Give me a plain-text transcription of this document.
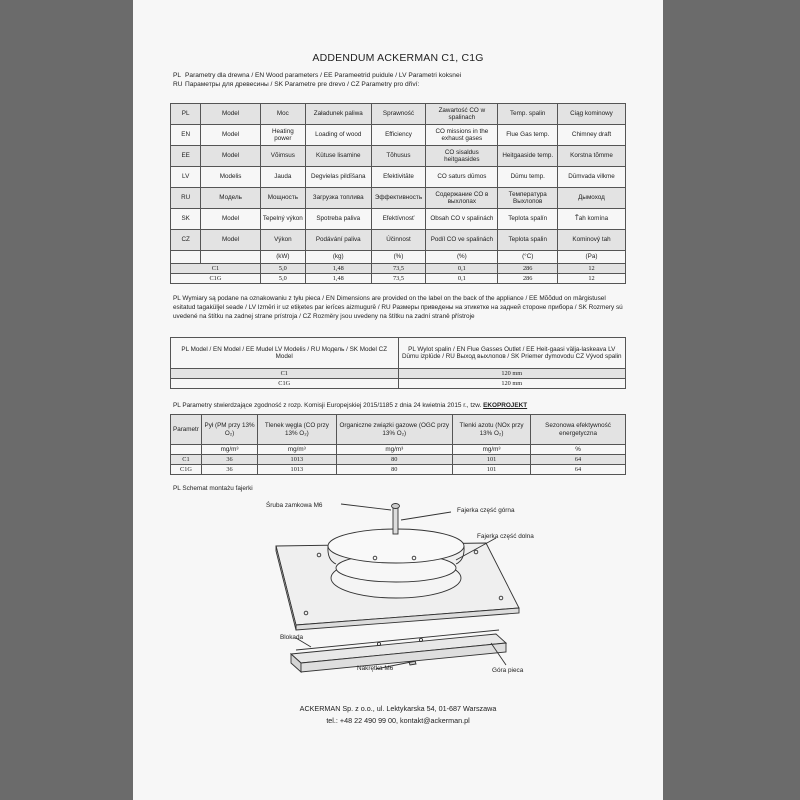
ADDENDUM ACKERMAN C1, C1G
PL Parametry dla drewna / EN Wood parameters / EE Parameetrid puidule / LV Parametri koksnei
RU Параметры для древесины / SK Parametre pre drevo / CZ Parametry pro dřiví:
PL	Model	Moc	Załadunek paliwa	Sprawność	Zawartość CO w spalinach	Temp. spalin	Ciąg kominowy
EN	Model	Heating power	Loading of wood	Efficiency	CO missions in the exhaust gases	Flue Gas temp.	Chimney draft
EE	Model	Võimsus	Kütuse lisamine	Tõhusus	CO sisaldus heitgaasides	Heitgaaside temp.	Korstna tõmme
LV	Modelis	Jauda	Degvielas pildīšana	Efektivitāte	CO saturs dūmos	Dūmu temp.	Dūmvada vilkme
RU	Модель	Мощность	Загрузка топлива	Эффективность	Содержание CO в выхлопах	Температура Выхлопов	Дымоход
SK	Model	Tepelný výkon	Spotreba paliva	Efektívnosť	Obsah CO v spalinách	Teplota spalín	Ťah komína
CZ	Model	Výkon	Podávání paliva	Účinnost	Podíl CO ve spalinách	Teplota spalin	Kominový tah
		(kW)	(kg)	(%)	(%)	(°C)	(Pa)
C1		5,0	1,48	73,5	0,1	286	12
C1G		5,0	1,48	73,5	0,1	286	12
PL Wymiary są podane na oznakowaniu z tyłu pieca / EN Dimensions are provided on the label on the back of the appliance / EE Mõõdud on märgistusel esitatud tagaküljel seade / LV Izmēri ir uz etiķetes par ierīces aizmugurē / RU Размеры приведены на этикетке на задней стороне прибора / SK Rozmery sú uvedené na štítku na zadnej strane prístroja / CZ Rozměry jsou uvedeny na štítku na zadní straně přístroje
PL Model / EN Model / EE Mudel LV Modelis / RU Модель / SK Model CZ Model	PL Wylot spalin / EN Flue Gasses Outlet / EE Heit-gaasi välja-laskeava LV Dūmu izplūde / RU Выход выхлопов / SK Priemer dymovodu CZ Vývod spalin
C1	120 mm
C1G	120 mm
PL Parametry stwierdzające zgodność z rozp. Komisji Europejskiej 2015/1185 z dnia 24 kwietnia 2015 r., tzw. EKOPROJEKT
Parametr	Pył (PM przy 13% O₂)	Tlenek węgla (CO przy 13% O₂)	Organiczne związki gazowe (OGC przy 13% O₂)	Tlenki azotu (NOx przy 13% O₂)	Sezonowa efektywność energetyczna
	mg/m³	mg/m³	mg/m³	mg/m³	%
C1	36	1013	80	101	64
C1G	36	1013	80	101	64
PL Schemat montażu fajerki
Śruba zamkowa M6
Fajerka część górna
Fajerka część dolna
Blokada
Nakrętka M6	Góra pieca
ACKERMAN Sp. z o.o., ul. Lektykarska 54, 01-687 Warszawa
tel.: +48 22 490 99 00, kontakt@ackerman.pl
